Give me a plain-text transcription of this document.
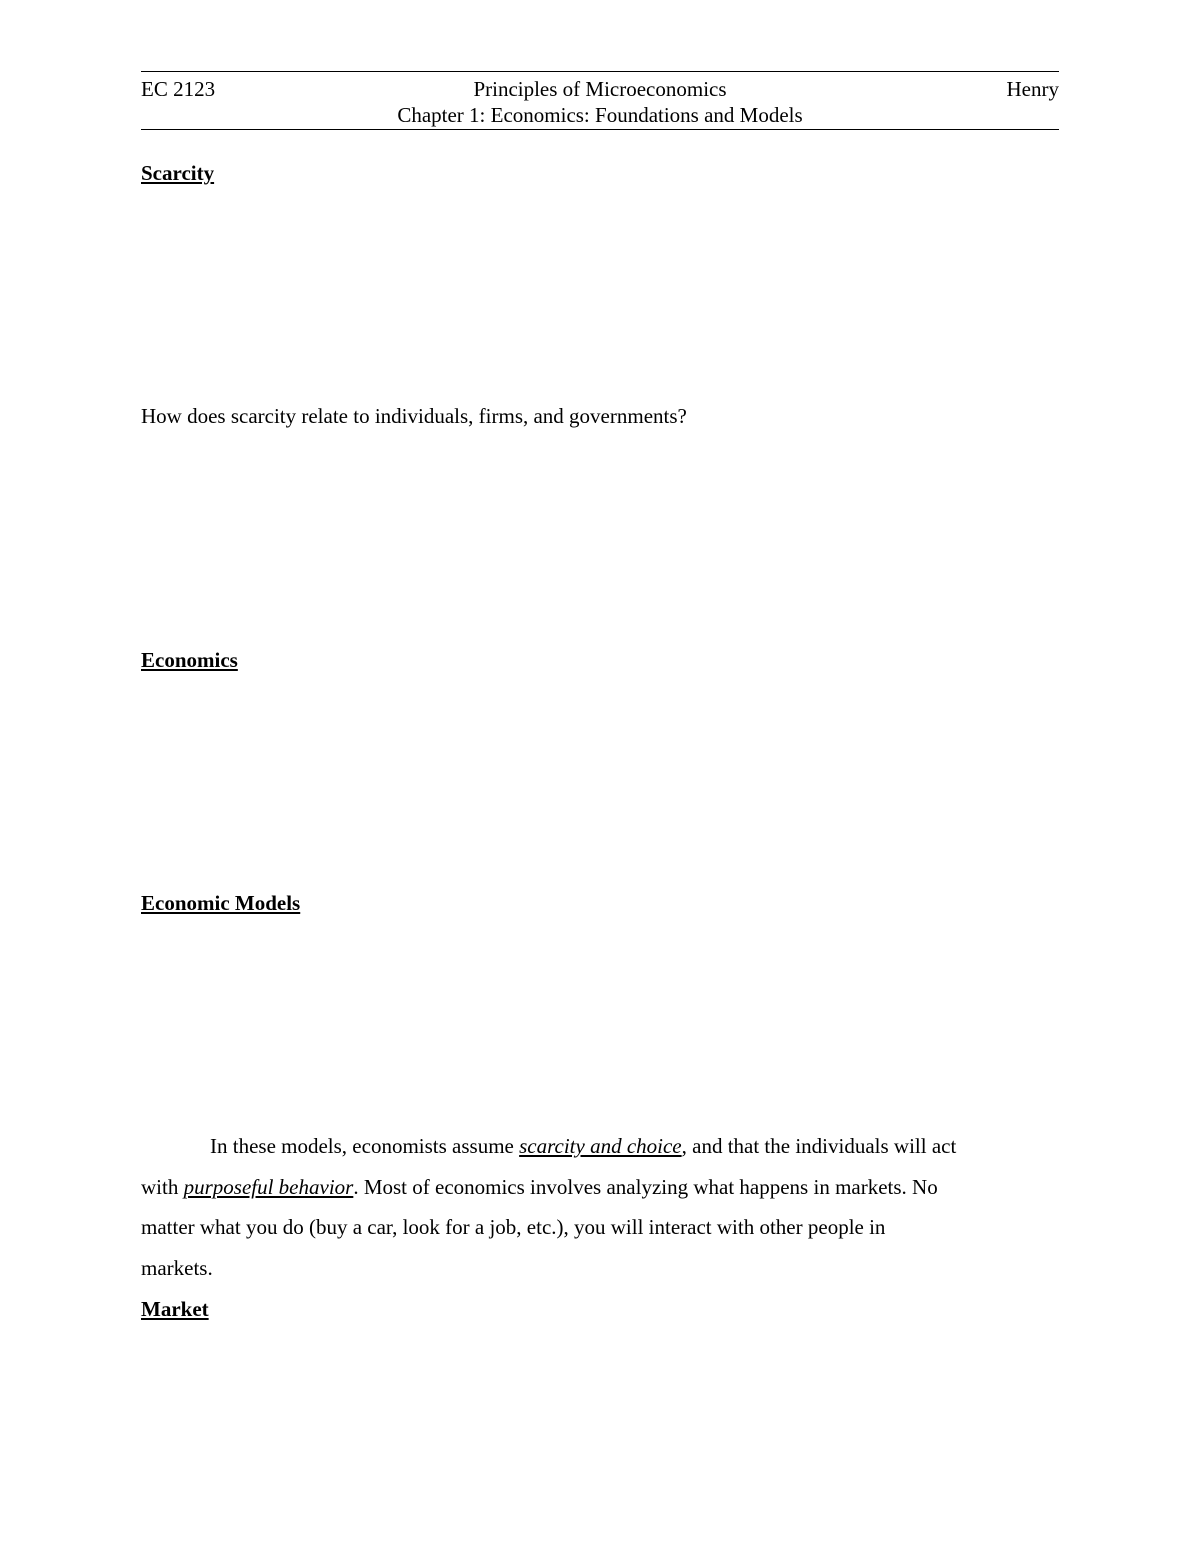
EC 2123	Principles of Microeconomics	Henry
Chapter 1: Economics: Foundations and Models
Scarcity
How does scarcity relate to individuals, firms, and governments?
Economics
Economic Models
In these models, economists assume scarcity and choice, and that the individuals will act
with purposeful behavior. Most of economics involves analyzing what happens in markets. No
matter what you do (buy a car, look for a job, etc.), you will interact with other people in
markets.
Market
